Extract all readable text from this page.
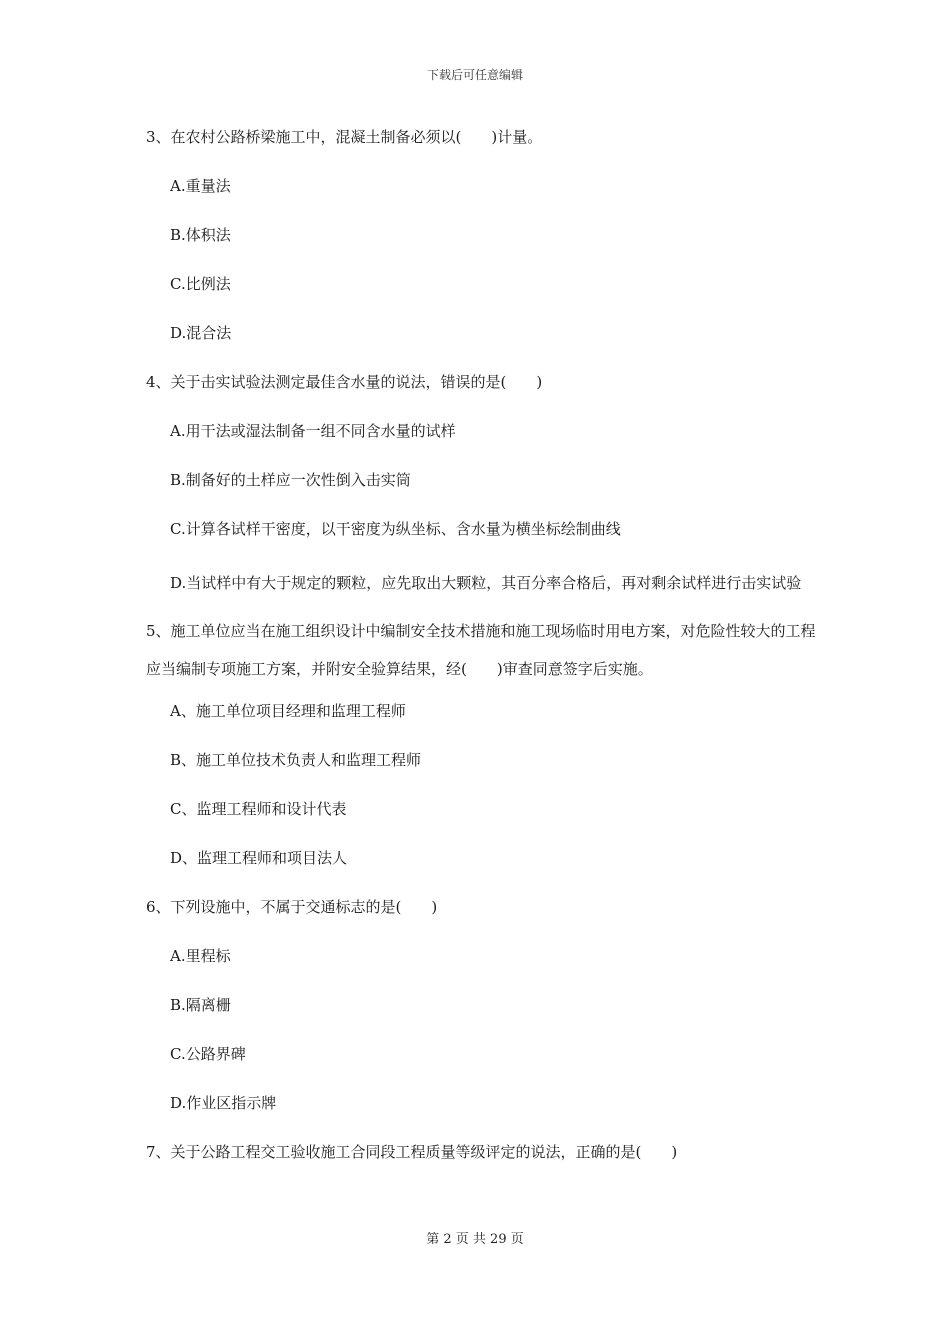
下载后可任意编辑
3、在农村公路桥梁施工中，混凝土制备必须以(　　)计量。
A.重量法
B.体积法
C.比例法
D.混合法
4、关于击实试验法测定最佳含水量的说法，错误的是(　　)
A.用干法或湿法制备一组不同含水量的试样
B.制备好的土样应一次性倒入击实筒
C.计算各试样干密度，以干密度为纵坐标、含水量为横坐标绘制曲线
D.当试样中有大于规定的颗粒，应先取出大颗粒，其百分率合格后，再对剩余试样进行击实试验
5、施工单位应当在施工组织设计中编制安全技术措施和施工现场临时用电方案，对危险性较大的工程应当编制专项施工方案，并附安全验算结果，经(　　)审查同意签字后实施。
A、施工单位项目经理和监理工程师
B、施工单位技术负责人和监理工程师
C、监理工程师和设计代表
D、监理工程师和项目法人
6、下列设施中，不属于交通标志的是(　　)
A.里程标
B.隔离栅
C.公路界碑
D.作业区指示牌
7、关于公路工程交工验收施工合同段工程质量等级评定的说法，正确的是(　　)
第 2 页 共 29 页
